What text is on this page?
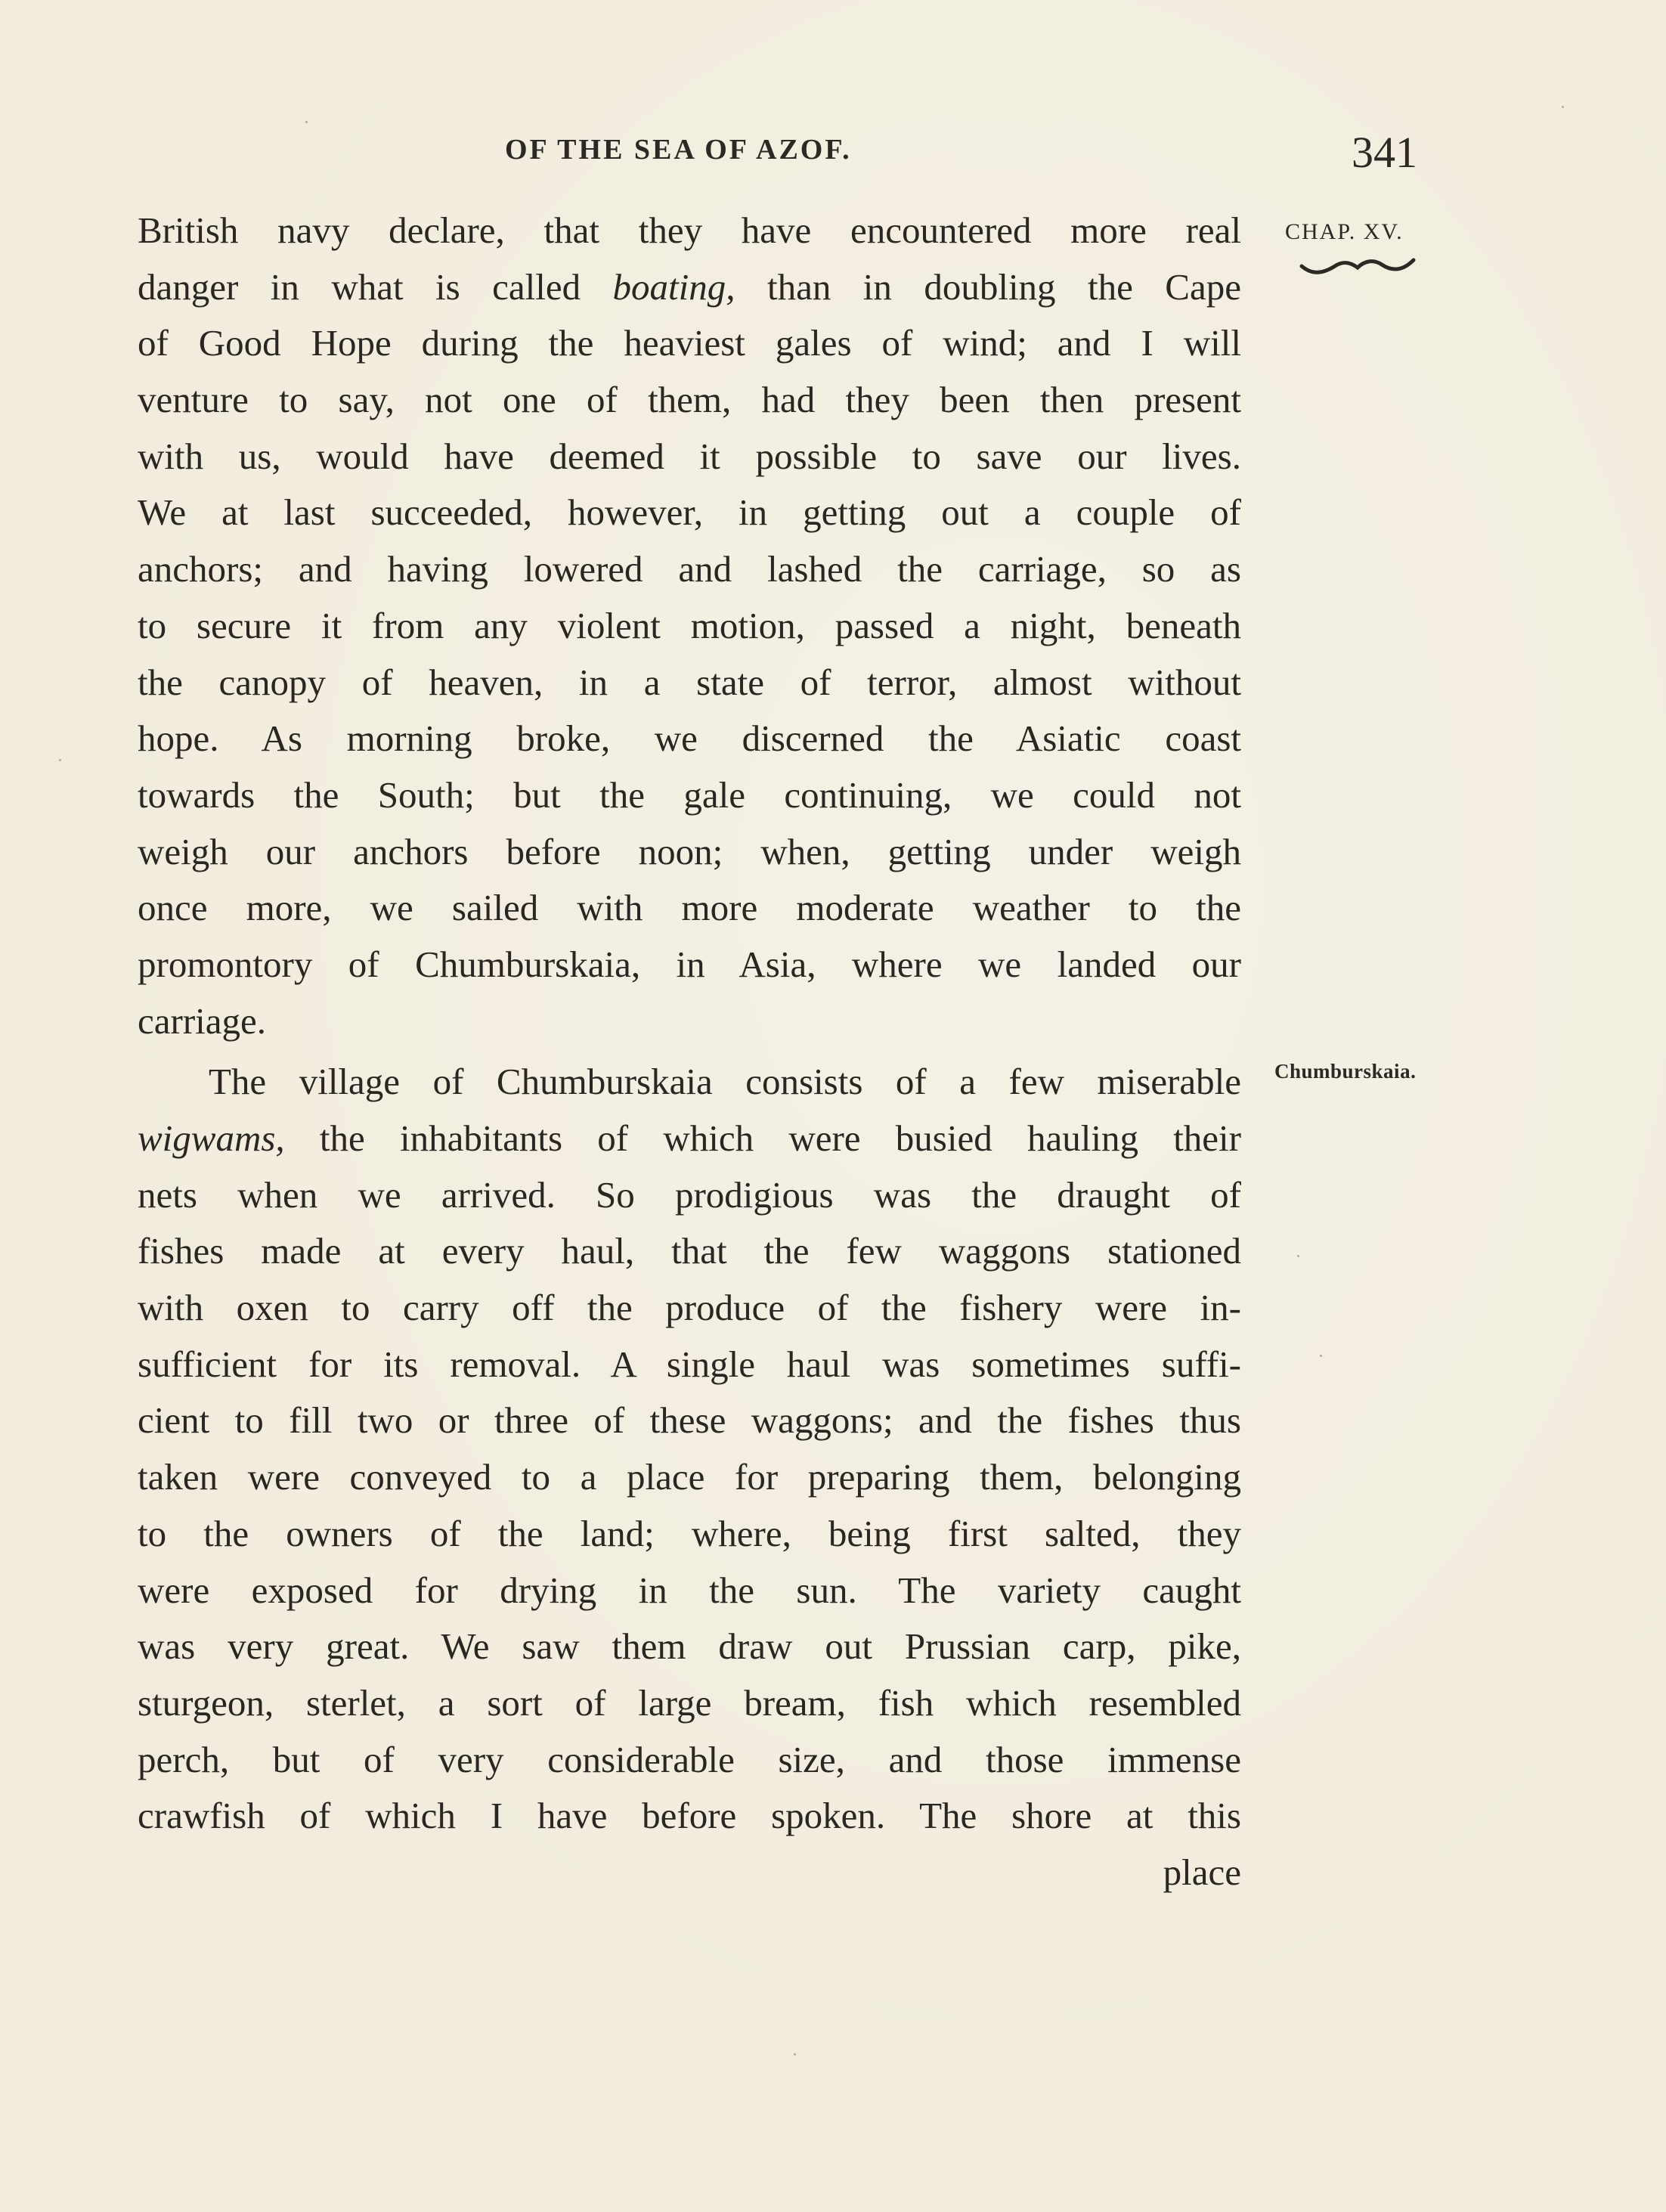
OF THE SEA OF AZOF.	341
CHAP. XV.
Chumburskaia.
British navy declare, that they have encountered more real
danger in what is called boating, than in doubling the Cape
of Good Hope during the heaviest gales of wind; and I will
venture to say, not one of them, had they been then present
with us, would have deemed it possible to save our lives.
We at last succeeded, however, in getting out a couple of
anchors; and having lowered and lashed the carriage, so as
to secure it from any violent motion, passed a night, beneath
the canopy of heaven, in a state of terror, almost without
hope. As morning broke, we discerned the Asiatic coast
towards the South; but the gale continuing, we could not
weigh our anchors before noon; when, getting under weigh
once more, we sailed with more moderate weather to the
promontory of Chumburskaia, in Asia, where we landed our
carriage.
The village of Chumburskaia consists of a few miserable
wigwams, the inhabitants of which were busied hauling their
nets when we arrived. So prodigious was the draught of
fishes made at every haul, that the few waggons stationed
with oxen to carry off the produce of the fishery were in-
sufficient for its removal. A single haul was sometimes suffi-
cient to fill two or three of these waggons; and the fishes thus
taken were conveyed to a place for preparing them, belonging
to the owners of the land; where, being first salted, they
were exposed for drying in the sun. The variety caught
was very great. We saw them draw out Prussian carp, pike,
sturgeon, sterlet, a sort of large bream, fish which resembled
perch, but of very considerable size, and those immense
crawfish of which I have before spoken. The shore at this
place
